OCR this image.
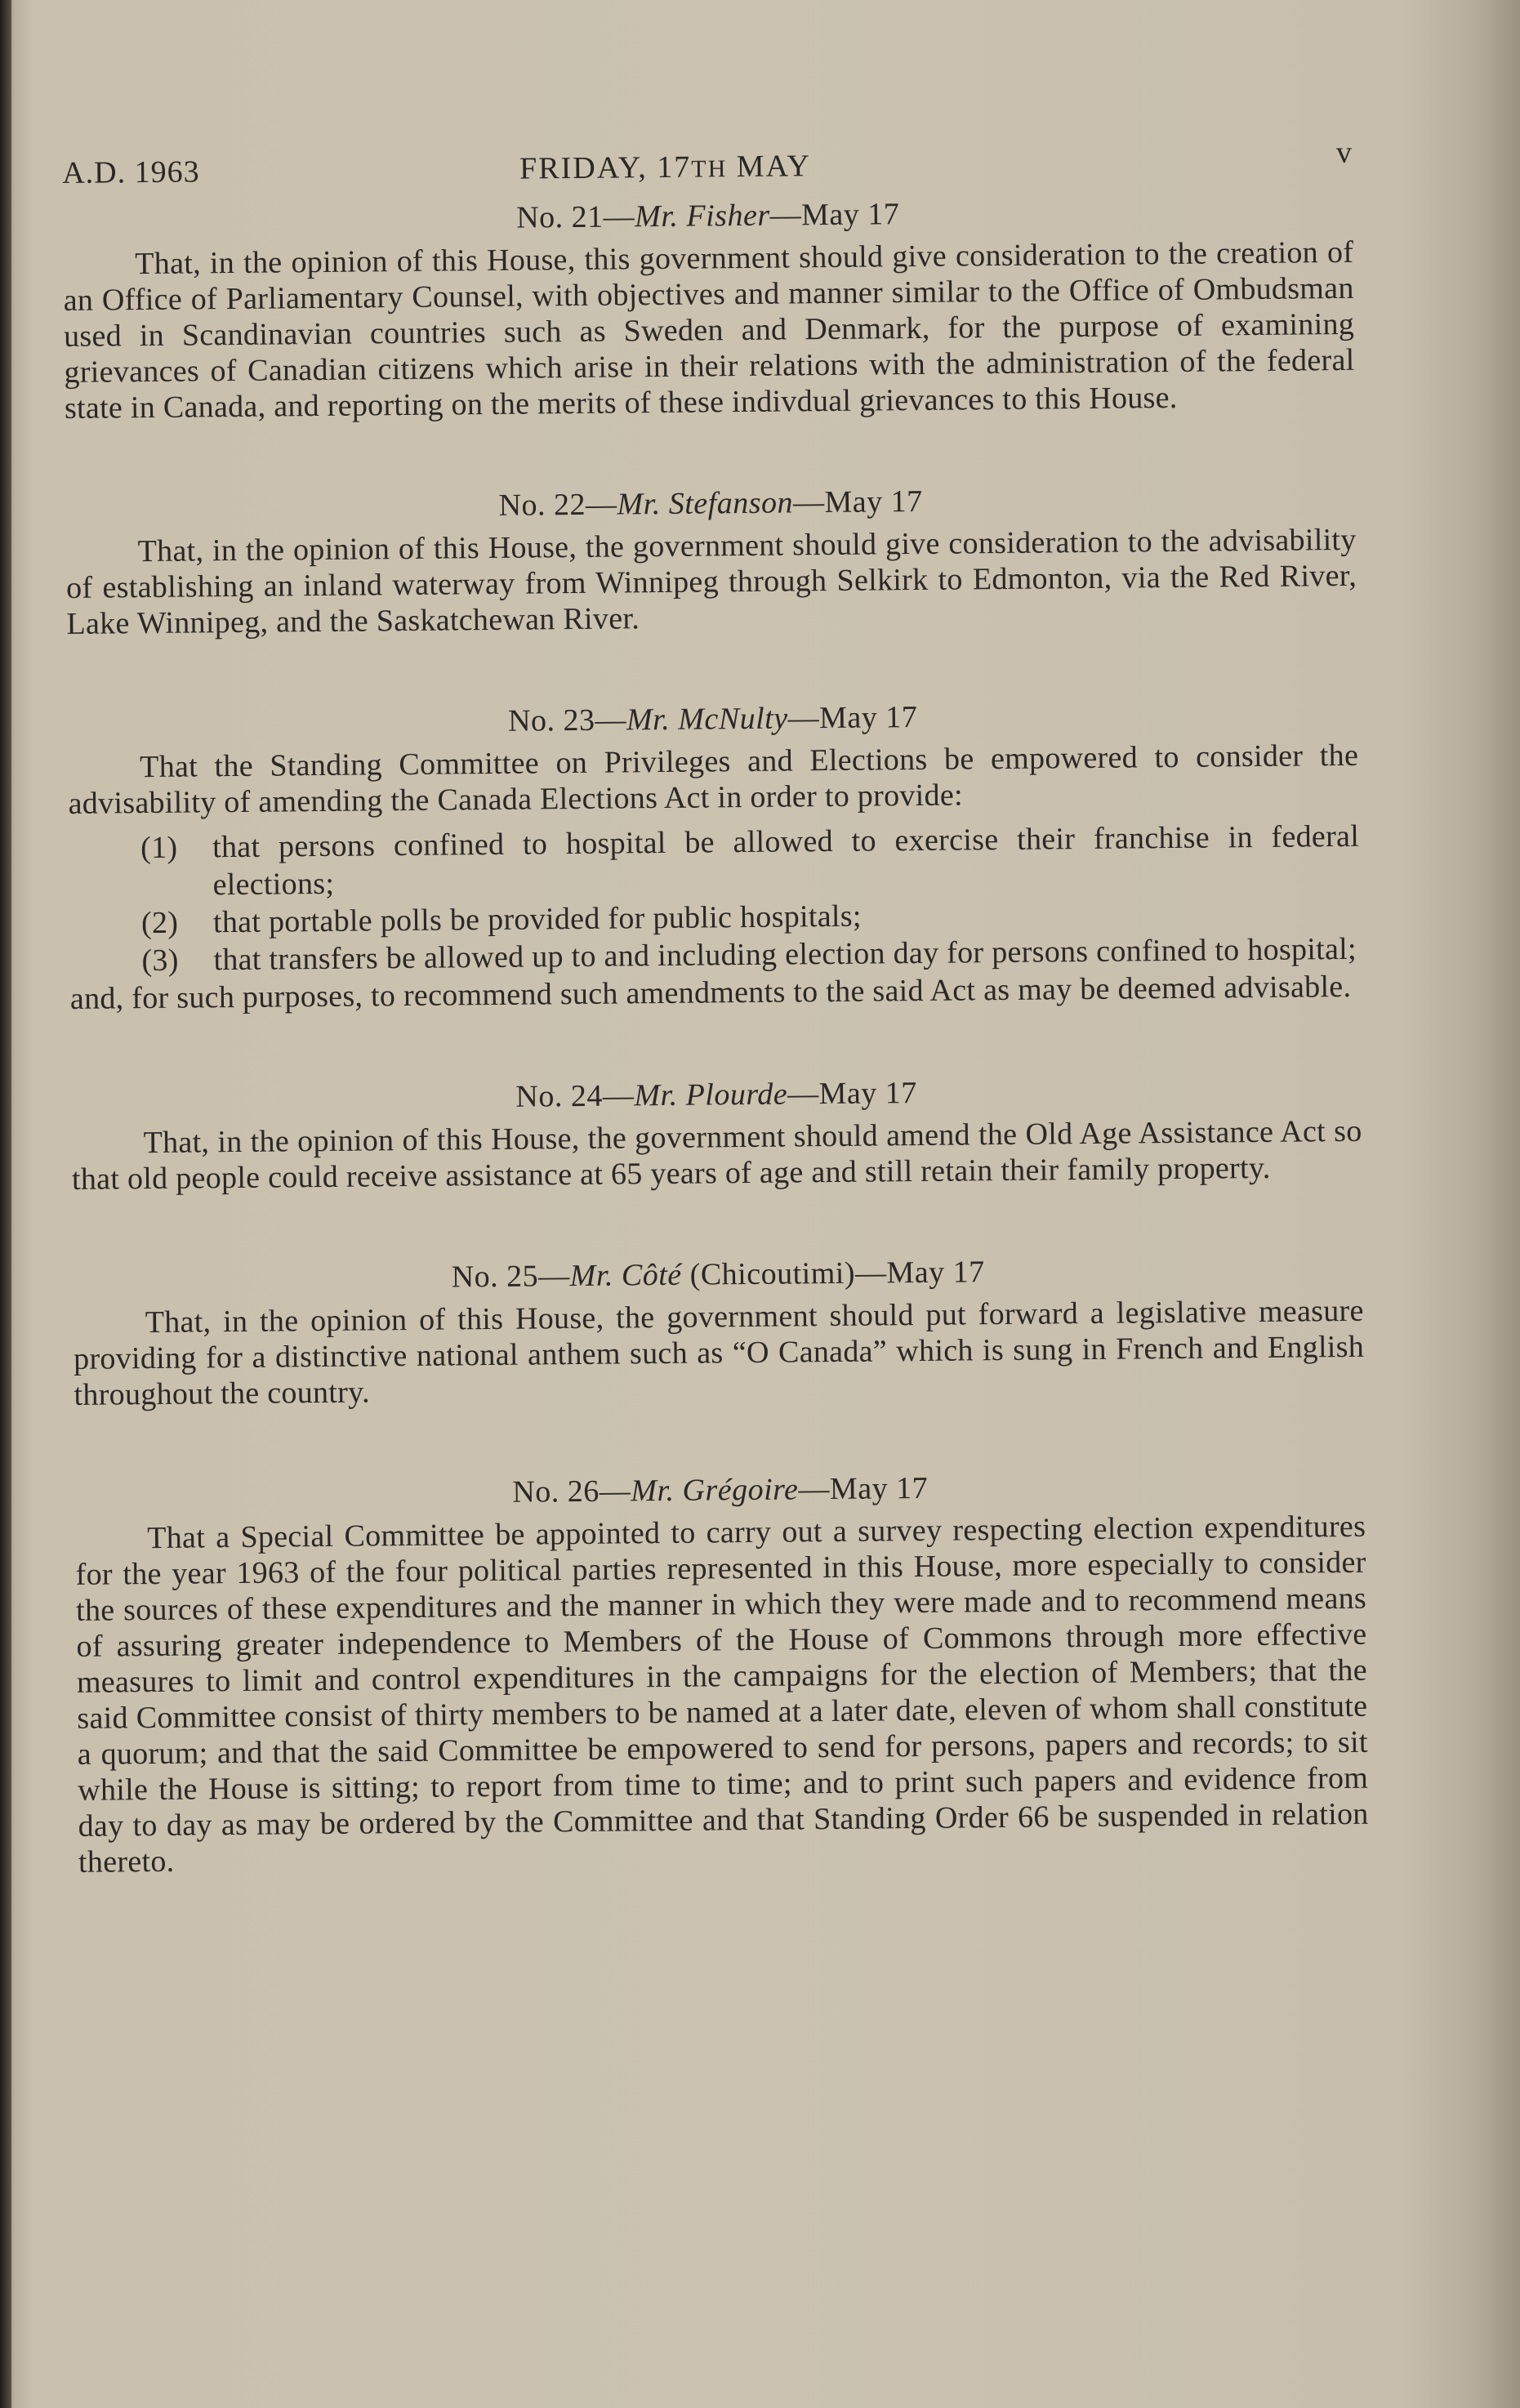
A.D. 1963	FRIDAY, 17TH MAY	v

No. 21—Mr. Fisher—May 17

That, in the opinion of this House, this government should give consideration to the creation of an Office of Parliamentary Counsel, with objectives and manner similar to the Office of Ombudsman used in Scandinavian countries such as Sweden and Denmark, for the purpose of examining grievances of Canadian citizens which arise in their relations with the administration of the federal state in Canada, and reporting on the merits of these indivdual grievances to this House.

No. 22—Mr. Stefanson—May 17

That, in the opinion of this House, the government should give consideration to the advisability of establishing an inland waterway from Winnipeg through Selkirk to Edmonton, via the Red River, Lake Winnipeg, and the Saskatchewan River.

No. 23—Mr. McNulty—May 17

That the Standing Committee on Privileges and Elections be empowered to consider the advisability of amending the Canada Elections Act in order to provide:

(1) that persons confined to hospital be allowed to exercise their franchise in federal elections;
(2) that portable polls be provided for public hospitals;
(3) that transfers be allowed up to and including election day for persons confined to hospital;

and, for such purposes, to recommend such amendments to the said Act as may be deemed advisable.

No. 24—Mr. Plourde—May 17

That, in the opinion of this House, the government should amend the Old Age Assistance Act so that old people could receive assistance at 65 years of age and still retain their family property.

No. 25—Mr. Côté (Chicoutimi)—May 17

That, in the opinion of this House, the government should put forward a legislative measure providing for a distinctive national anthem such as “O Canada” which is sung in French and English throughout the country.

No. 26—Mr. Grégoire—May 17

That a Special Committee be appointed to carry out a survey respecting election expenditures for the year 1963 of the four political parties represented in this House, more especially to consider the sources of these expenditures and the manner in which they were made and to recommend means of assuring greater independence to Members of the House of Commons through more effective measures to limit and control expenditures in the campaigns for the election of Members; that the said Committee consist of thirty members to be named at a later date, eleven of whom shall constitute a quorum; and that the said Committee be empowered to send for persons, papers and records; to sit while the House is sitting; to report from time to time; and to print such papers and evidence from day to day as may be ordered by the Committee and that Standing Order 66 be suspended in relation thereto.
